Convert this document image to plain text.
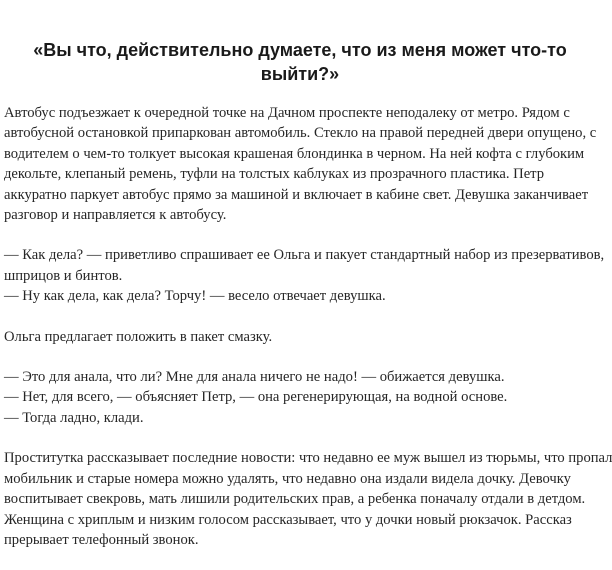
«Вы что, действительно думаете, что из меня может что-то
выйти?»

Автобус подъезжает к очередной точке на Дачном проспекте неподалеку от метро. Рядом с
автобусной остановкой припаркован автомобиль. Стекло на правой передней двери опущено, с
водителем о чем-то толкует высокая крашеная блондинка в черном. На ней кофта с глубоким
декольте, клепаный ремень, туфли на толстых каблуках из прозрачного пластика. Петр
аккуратно паркует автобус прямо за машиной и включает в кабине свет. Девушка заканчивает
разговор и направляется к автобусу.

— Как дела? — приветливо спрашивает ее Ольга и пакует стандартный набор из презервативов,
шприцов и бинтов.
— Ну как дела, как дела? Торчу! — весело отвечает девушка.

Ольга предлагает положить в пакет смазку.

— Это для анала, что ли? Мне для анала ничего не надо! — обижается девушка.
— Нет, для всего, — объясняет Петр, — она регенерирующая, на водной основе.
— Тогда ладно, клади.

Проститутка рассказывает последние новости: что недавно ее муж вышел из тюрьмы, что пропал
мобильник и старые номера можно удалять, что недавно она издали видела дочку. Девочку
воспитывает свекровь, мать лишили родительских прав, а ребенка поначалу отдали в детдом.
Женщина с хриплым и низким голосом рассказывает, что у дочки новый рюкзачок. Рассказ
прерывает телефонный звонок.
